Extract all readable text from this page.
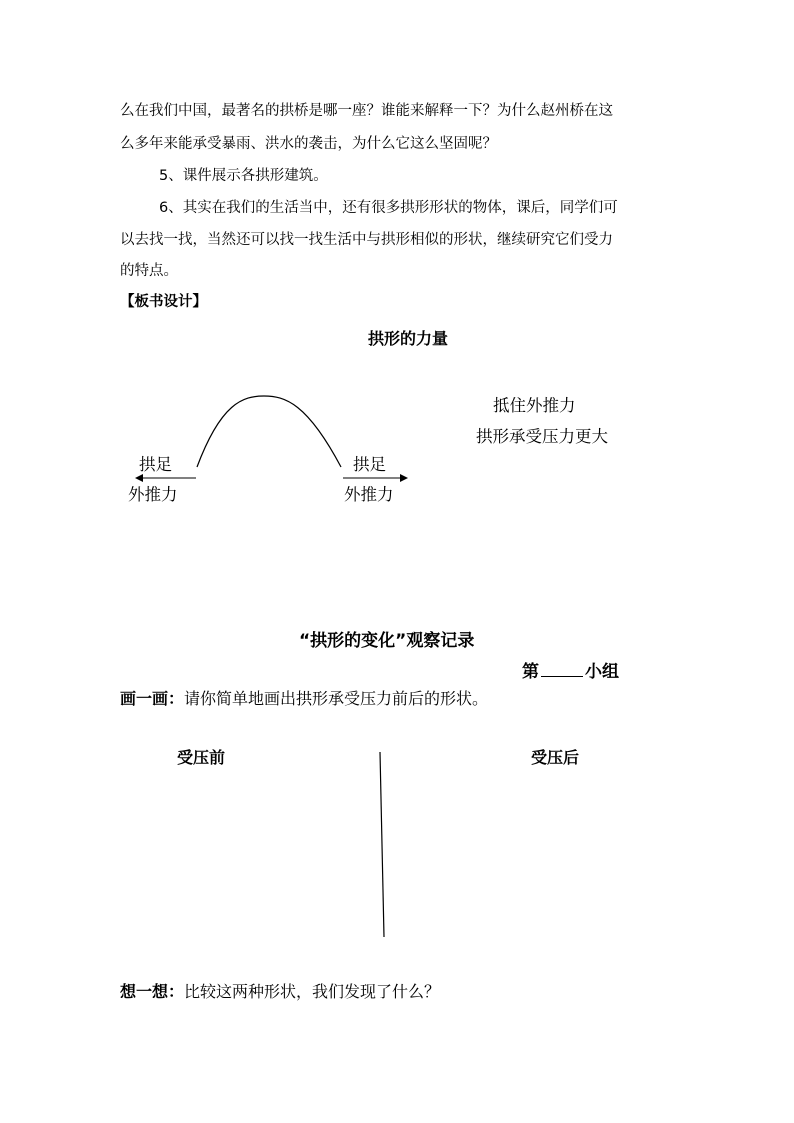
么在我们中国，最著名的拱桥是哪一座？谁能来解释一下？为什么赵州桥在这
么多年来能承受暴雨、洪水的袭击，为什么它这么坚固呢？
5、课件展示各拱形建筑。
6、其实在我们的生活当中，还有很多拱形形状的物体，课后，同学们可
以去找一找，当然还可以找一找生活中与拱形相似的形状，继续研究它们受力
的特点。
【板书设计】
拱形的力量
拱足
外推力
拱足
外推力
抵住外推力
拱形承受压力更大
“拱形的变化”观察记录
第	小组
画一画：请你简单地画出拱形承受压力前后的形状。
受压前	受压后
想一想：比较这两种形状，我们发现了什么？
